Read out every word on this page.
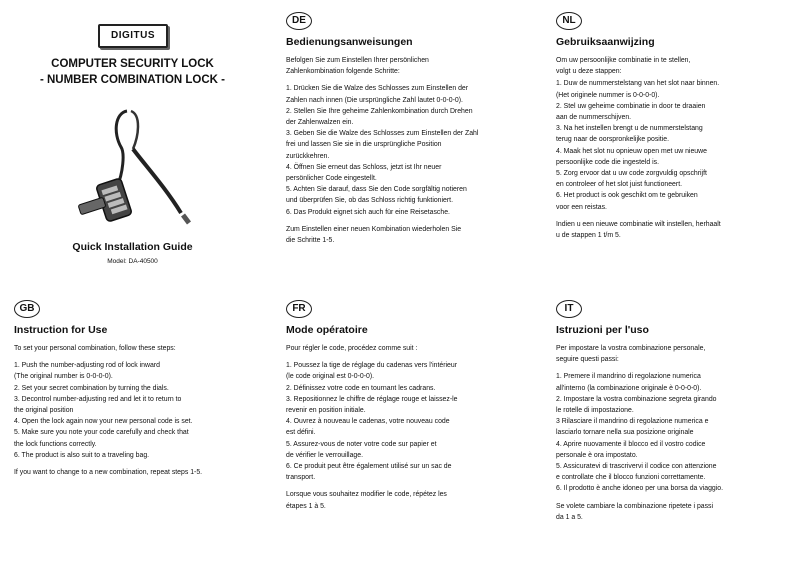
DIGITUS
COMPUTER SECURITY LOCK
- NUMBER COMBINATION LOCK -
Quick Installation Guide
Model: DA-40500
DE
Bedienungsanweisungen

Befolgen Sie zum Einstellen Ihrer persönlichen
Zahlenkombination folgende Schritte:

1. Drücken Sie die Walze des Schlosses zum Einstellen der
Zahlen nach innen (Die ursprüngliche Zahl lautet 0-0-0-0).
2. Stellen Sie Ihre geheime Zahlenkombination durch Drehen
der Zahlenwalzen ein.
3. Geben Sie die Walze des Schlosses zum Einstellen der Zahl
frei und lassen Sie sie in die ursprüngliche Position
zurückkehren.
4. Öffnen Sie erneut das Schloss, jetzt ist Ihr neuer
persönlicher Code eingestellt.
5. Achten Sie darauf, dass Sie den Code sorgfältig notieren
und überprüfen Sie, ob das Schloss richtig funktioniert.
6. Das Produkt eignet sich auch für eine Reisetasche.

Zum Einstellen einer neuen Kombination wiederholen Sie
die Schritte 1-5.

NL
Gebruiksaanwijzing

Om uw persoonlijke combinatie in te stellen,
volgt u deze stappen:

1. Duw de nummerstelstang van het slot naar binnen.
(Het originele nummer is 0-0-0-0).
2. Stel uw geheime combinatie in door te draaien
aan de nummerschijven.
3. Na het instellen brengt u de nummerstelstang
terug naar de oorspronkelijke positie.
4. Maak het slot nu opnieuw open met uw nieuwe
persoonlijke code die ingesteld is.
5. Zorg ervoor dat u uw code zorgvuldig opschrijft
en controleer of het slot juist functioneert.
6. Het product is ook geschikt om te gebruiken
voor een reistas.

Indien u een nieuwe combinatie wilt instellen, herhaalt
u de stappen 1 t/m 5.

GB
Instruction for Use

To set your personal combination, follow these steps:

1. Push the number-adjusting rod of lock inward
(The original number is 0-0-0-0).
2. Set your secret combination by turning the dials.
3. Decontrol number-adjusting red and let it to return to
the original position
4. Open the lock again now your new personal code is set.
5. Make sure you note your code carefully and check that
the lock functions correctly.
6. The product is also suit to a traveling bag.

If you want to change to a new combination, repeat steps 1-5.

FR
Mode opératoire

Pour régler le code, procédez comme suit :

1. Poussez la tige de réglage du cadenas vers l'intérieur
(le code original est 0-0-0-0).
2. Définissez votre code en tournant les cadrans.
3. Repositionnez le chiffre de réglage rouge et laissez-le
revenir en position initiale.
4. Ouvrez à nouveau le cadenas, votre nouveau code
est défini.
5. Assurez-vous de noter votre code sur papier et
de vérifier le verrouillage.
6. Ce produit peut être également utilisé sur un sac de
transport.

Lorsque vous souhaitez modifier le code, répétez les
étapes 1 à 5.

IT
Istruzioni per l'uso

Per impostare la vostra combinazione personale,
seguire questi passi:

1. Premere il mandrino di regolazione numerica
all'interno (la combinazione originale è 0-0-0-0).
2. Impostare la vostra combinazione segreta girando
le rotelle di impostazione.
3 Rilasciare il mandrino di regolazione numerica e
lasciarlo tornare nella sua posizione originale
4. Aprire nuovamente il blocco ed il vostro codice
personale è ora impostato.
5. Assicuratevi di trascrivervi il codice con attenzione
e controllate che il blocco funzioni correttamente.
6. Il prodotto è anche idoneo per una borsa da viaggio.

Se volete cambiare la combinazione ripetete i passi
da 1 a 5.
